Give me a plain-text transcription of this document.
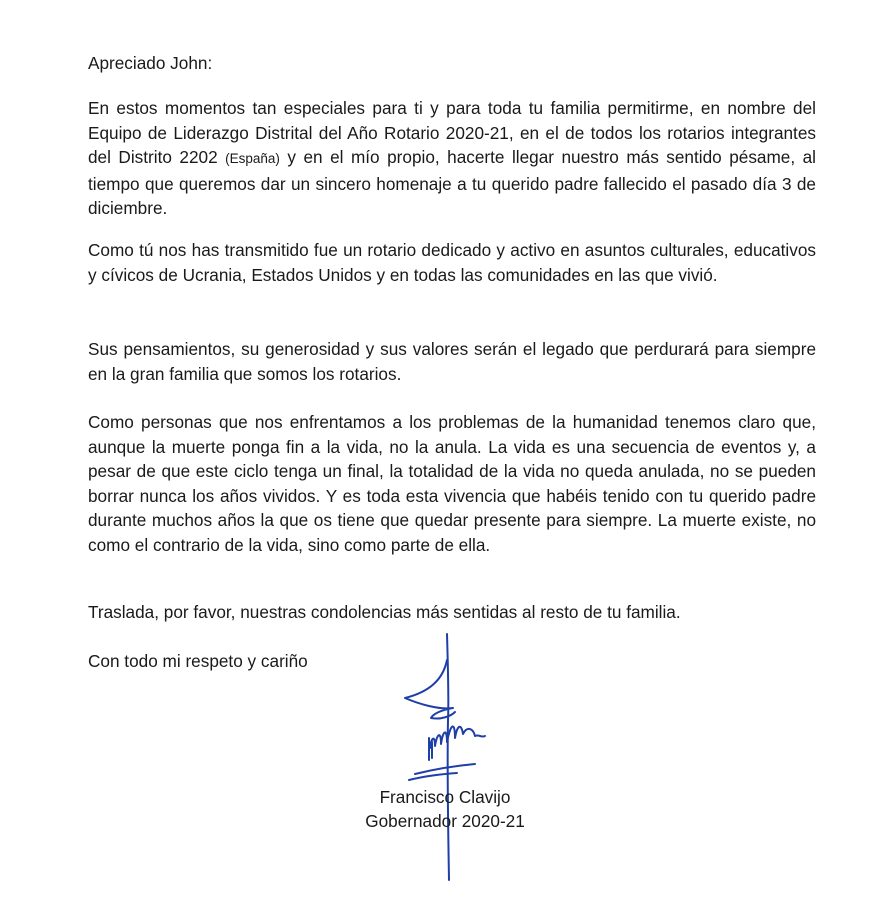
Apreciado John:
En estos momentos tan especiales para ti y para toda tu familia permitirme, en nombre del Equipo de Liderazgo Distrital del Año Rotario 2020-21, en el de todos los rotarios integrantes del Distrito 2202 (España) y en el mío propio, hacerte llegar nuestro más sentido pésame, al tiempo que queremos dar un sincero homenaje a tu querido padre fallecido el pasado día 3 de diciembre.
Como tú nos has transmitido fue un rotario dedicado y activo en asuntos culturales, educativos y cívicos de Ucrania, Estados Unidos y en todas las comunidades en las que vivió.
Sus pensamientos, su generosidad y sus valores serán el legado que perdurará para siempre en la gran familia que somos los rotarios.
Como personas que nos enfrentamos a los problemas de la humanidad tenemos claro que, aunque la muerte ponga fin a la vida, no la anula. La vida es una secuencia de eventos y, a pesar de que este ciclo tenga un final, la totalidad de la vida no queda anulada, no se pueden borrar nunca los años vividos. Y es toda esta vivencia que habéis tenido con tu querido padre durante muchos años la que os tiene que quedar presente para siempre. La muerte existe, no como el contrario de la vida, sino como parte de ella.
Traslada, por favor, nuestras condolencias más sentidas al resto de tu familia.
Con todo mi respeto y cariño
Francisco Clavijo
Gobernador 2020-21
